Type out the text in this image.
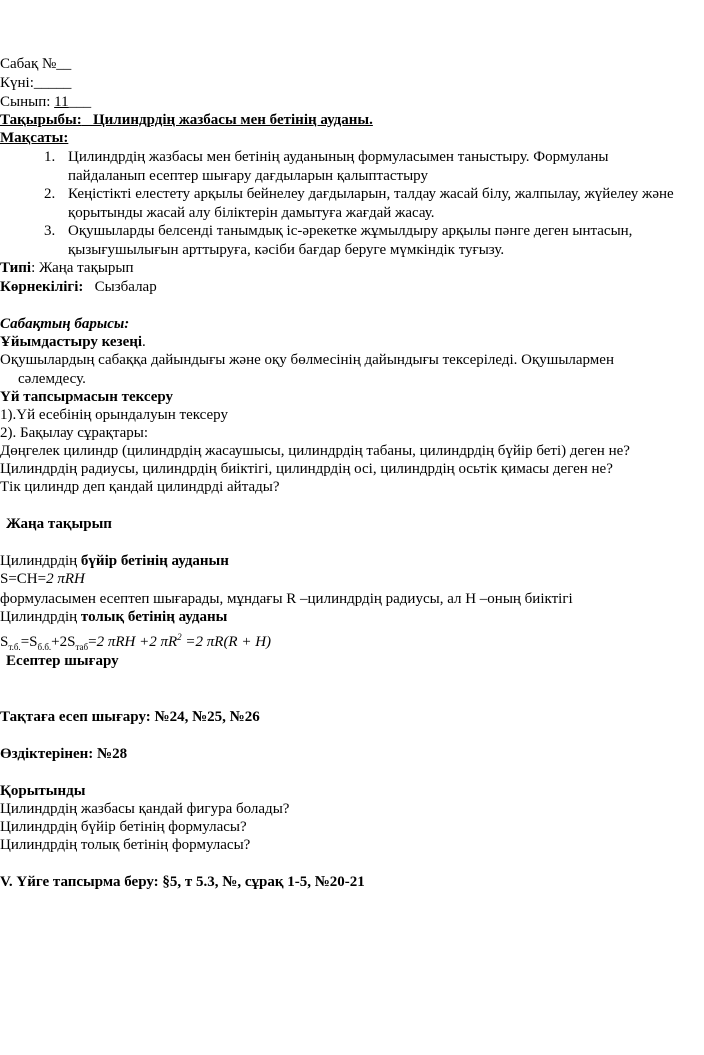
Сабақ №__
Күні:_____
Сынып: 11___
Тақырыбы: Цилиндрдің жазбасы мен бетінің ауданы.
Мақсаты:
1. Цилиндрдің жазбасы мен бетінің ауданының формуласымен таныстыру. Формуланы пайдаланып есептер шығару дағдыларын қалыптастыру
2. Кеңістікті елестету арқылы бейнелеу дағдыларын, талдау жасай білу, жалпылау, жүйелеу және қорытынды жасай алу біліктерін дамытуға жағдай жасау.
3. Оқушыларды белсенді танымдық іс-әрекетке жұмылдыру арқылы пәнге деген ынтасын, қызығушылығын арттыруға, кәсіби бағдар беруге мүмкіндік туғызу.
Типі: Жаңа тақырып
Көрнекілігі: Сызбалар
Сабақтың барысы:
Ұйымдастыру кезеңі.
Оқушылардың сабаққа дайындығы және оқу бөлмесінің дайындығы тексеріледі. Оқушылармен сәлемдесу.
Үй тапсырмасын тексеру
1).Үй есебінің орындалуын тексеру
2). Бақылау сұрақтары:
Дөңгелек цилиндр (цилиндрдің жасаушысы, цилиндрдің табаны, цилиндрдің бүйір беті) деген не?
Цилиндрдің радиусы, цилиндрдің биіктігі, цилиндрдің осі, цилиндрдің осьтік қимасы деген не?
Тік цилиндр деп қандай цилиндрді айтады?
Жаңа тақырып
Цилиндрдің бүйір бетінің ауданын
S=CH=2 πRH
формуласымен есептеп шығарады, мұндағы R –цилиндрдің радиусы, ал H –оның биіктігі
Цилиндрдің толық бетінің ауданы
$S_{т.б.}=S_{б.б.}+2S_{таб}=2$ πRH +2 $\pi R^2 =2$ πR(R + H)
Есептер шығару
Тақтаға есеп шығару: №24, №25, №26
Өздіктерінен: №28
Қорытынды
Цилиндрдің жазбасы қандай фигура болады?
Цилиндрдің бүйір бетінің формуласы?
Цилиндрдің толық бетінің формуласы?
V. Үйге тапсырма беру: §5, т 5.3, №, сұрақ 1-5, №20-21
